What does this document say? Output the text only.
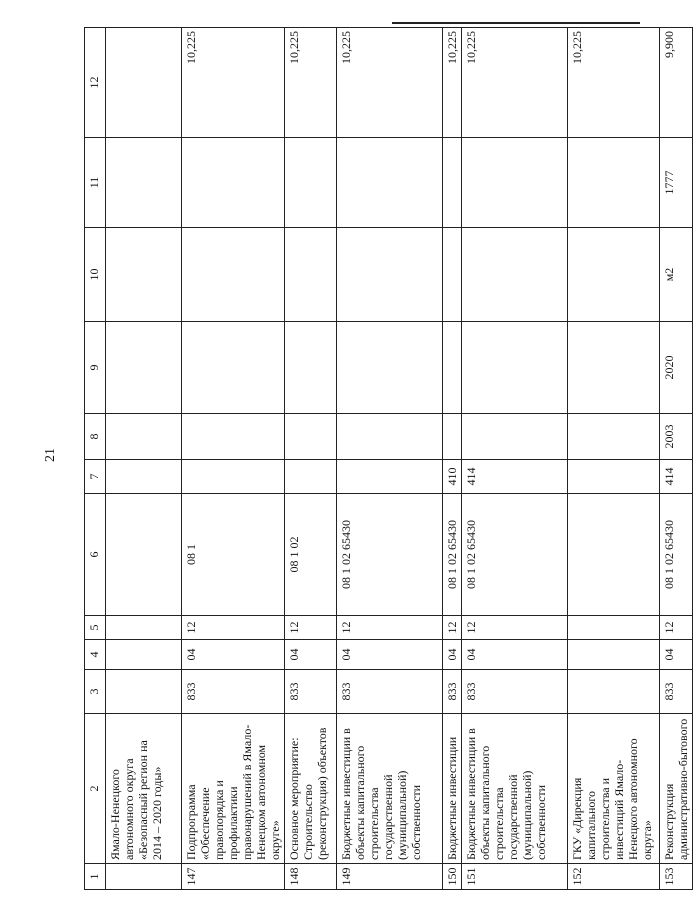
21
1	2	3	4	5	6	7	8	9	10	11	12
	Ямало-Ненецкого автономного округа «Безопасный регион на 2014 – 2020 годы»										
147	Подпрограмма «Обеспечение правопорядка и профилактики правонарушений в Ямало-Ненецком автономном округе»	833	04	12	08 1						10,225
148	Основное мероприятие: Строительство (реконструкция) объектов	833	04	12	08 1 02						10,225
149	Бюджетные инвестиции в объекты капитального строительства государственной (муниципальной) собственности	833	04	12	08 1 02 65430						10,225
150	Бюджетные инвестиции	833	04	12	08 1 02 65430	410					10,225
151	Бюджетные инвестиции в объекты капитального строительства государственной (муниципальной) собственности	833	04	12	08 1 02 65430	414					10,225
152	ГКУ «Дирекция капитального строительства и инвестиций Ямало-Ненецкого автономного округа»										10,225
153	Реконструкция административно-бытового	833	04	12	08 1 02 65430	414	2003	2020	м2	1777	9,900
